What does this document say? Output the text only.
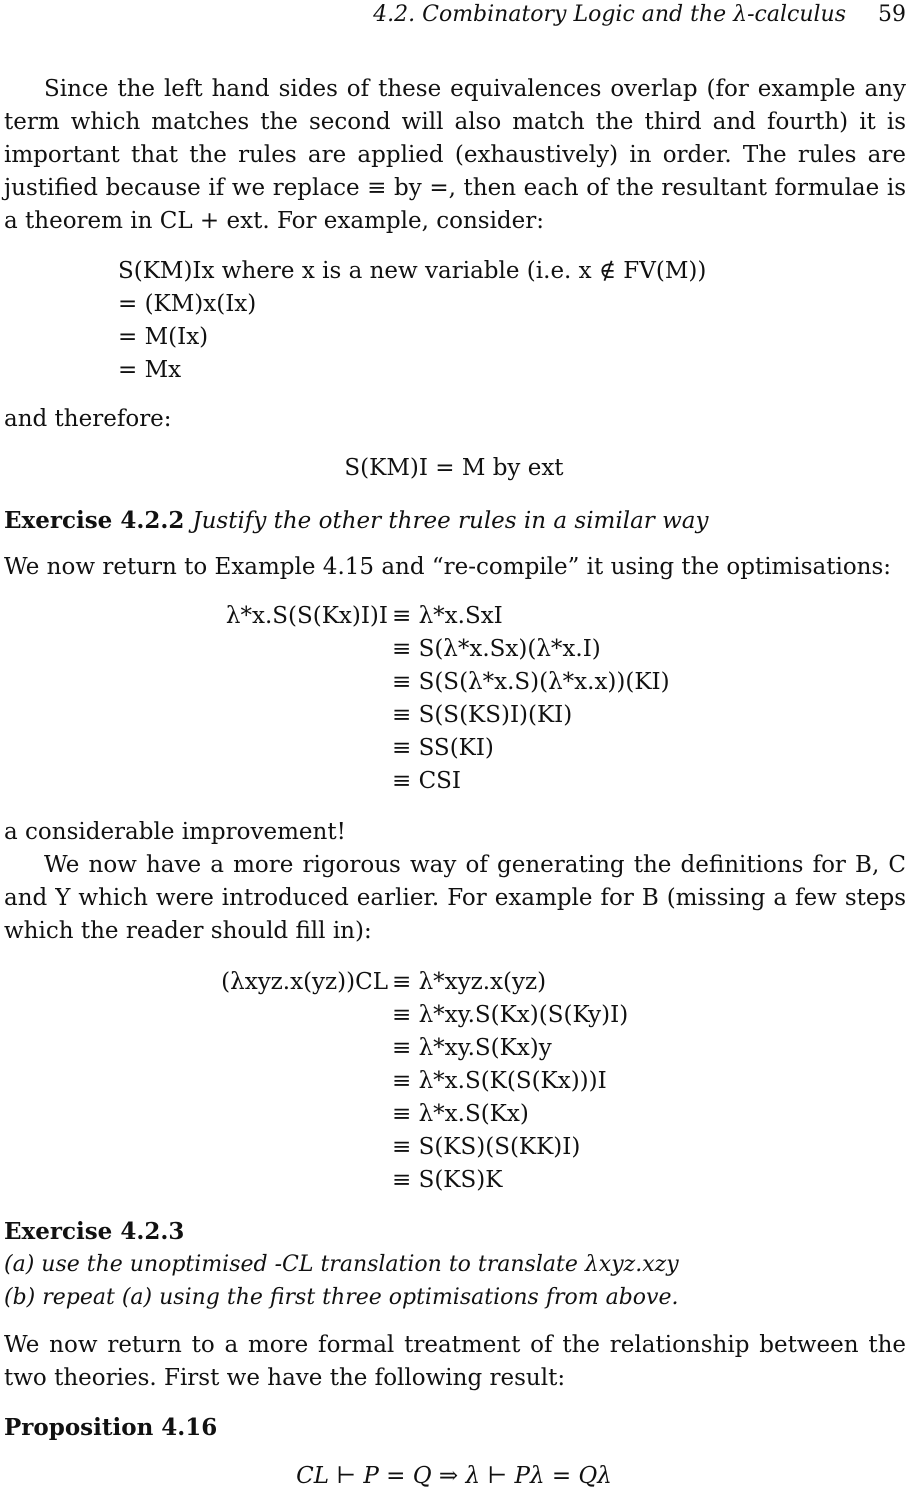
4.2. Combinatory Logic and the λ-calculus 59
Since the left hand sides of these equivalences overlap (for example any term which matches the second will also match the third and fourth) it is important that the rules are applied (exhaustively) in order. The rules are justified because if we replace ≡ by =, then each of the resultant formulae is a theorem in CL + ext. For example, consider:
S(KM)Ix where x is a new variable (i.e. x ∉ FV(M))
= (KM)x(Ix)
= M(Ix)
= Mx
and therefore:
S(KM)I = M by ext
Exercise 4.2.2 Justify the other three rules in a similar way
We now return to Example 4.15 and “re-compile” it using the optimisations:
λ*x.S(S(Kx)I)I ≡ λ*x.SxI
≡ S(λ*x.Sx)(λ*x.I)
≡ S(S(λ*x.S)(λ*x.x))(KI)
≡ S(S(KS)I)(KI)
≡ SS(KI)
≡ CSI
a considerable improvement!
We now have a more rigorous way of generating the definitions for B, C and Y which were introduced earlier. For example for B (missing a few steps which the reader should fill in):
(λxyz.x(yz))CL ≡ λ*xyz.x(yz)
≡ λ*xy.S(Kx)(S(Ky)I)
≡ λ*xy.S(Kx)y
≡ λ*x.S(K(S(Kx)))I
≡ λ*x.S(Kx)
≡ S(KS)(S(KK)I)
≡ S(KS)K
Exercise 4.2.3
(a) use the unoptimised -CL translation to translate λxyz.xzy
(b) repeat (a) using the first three optimisations from above.
We now return to a more formal treatment of the relationship between the two theories. First we have the following result:
Proposition 4.16
CL ⊢ P = Q ⇒ λ ⊢ Pλ = Qλ
